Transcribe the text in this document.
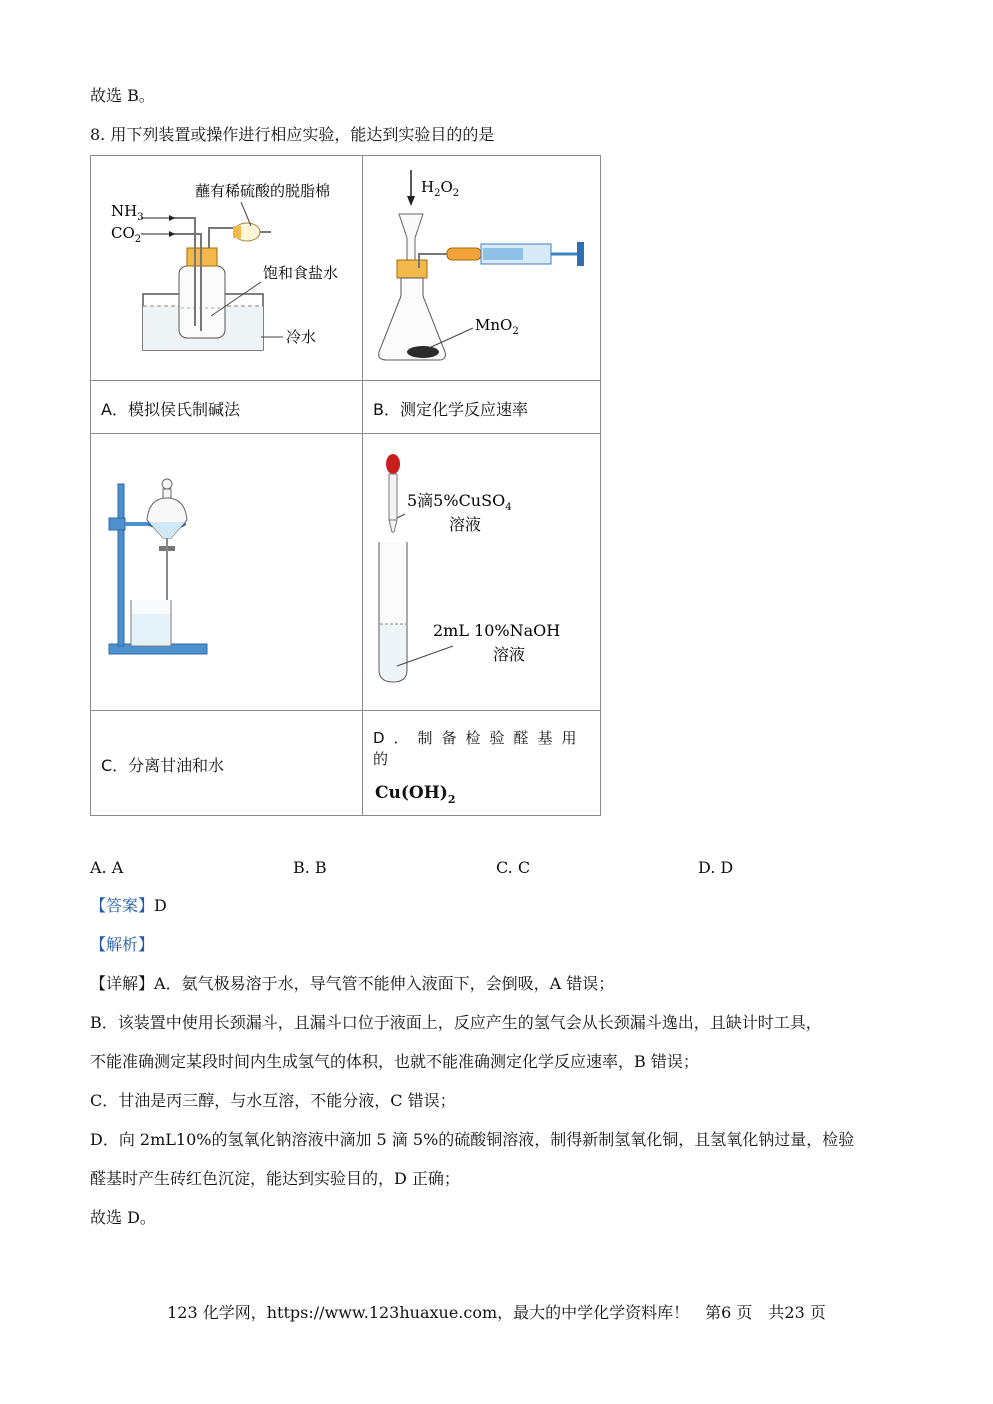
故选 B。
8. 用下列装置或操作进行相应实验，能达到实验目的的是
$NH_3$
$CO_2$
蘸有稀硫酸的脱脂棉
饱和食盐水
冷水	$H_2O_2$
MnO$_2$

A．模拟侯氏制碱法	B．测定化学反应速率

5滴5%CuSO$_4$
溶液
2mL 10%NaOH
溶液

C．分离甘油和水	D．制备检验醛基用的
$Cu(OH)_2$
A. A	B. B	C. C	D. D
【答案】D
【解析】
【详解】A．氨气极易溶于水，导气管不能伸入液面下，会倒吸，A 错误；
B．该装置中使用长颈漏斗，且漏斗口位于液面上，反应产生的氢气会从长颈漏斗逸出，且缺计时工具，
不能准确测定某段时间内生成氢气的体积，也就不能准确测定化学反应速率，B 错误；
C．甘油是丙三醇，与水互溶，不能分液，C 错误；
D．向 2mL10%的氢氧化钠溶液中滴加 5 滴 5%的硫酸铜溶液，制得新制氢氧化铜，且氢氧化钠过量，检验
醛基时产生砖红色沉淀，能达到实验目的，D 正确；
故选 D。
123 化学网，https://www.123huaxue.com，最大的中学化学资料库！　第6 页　共23 页
